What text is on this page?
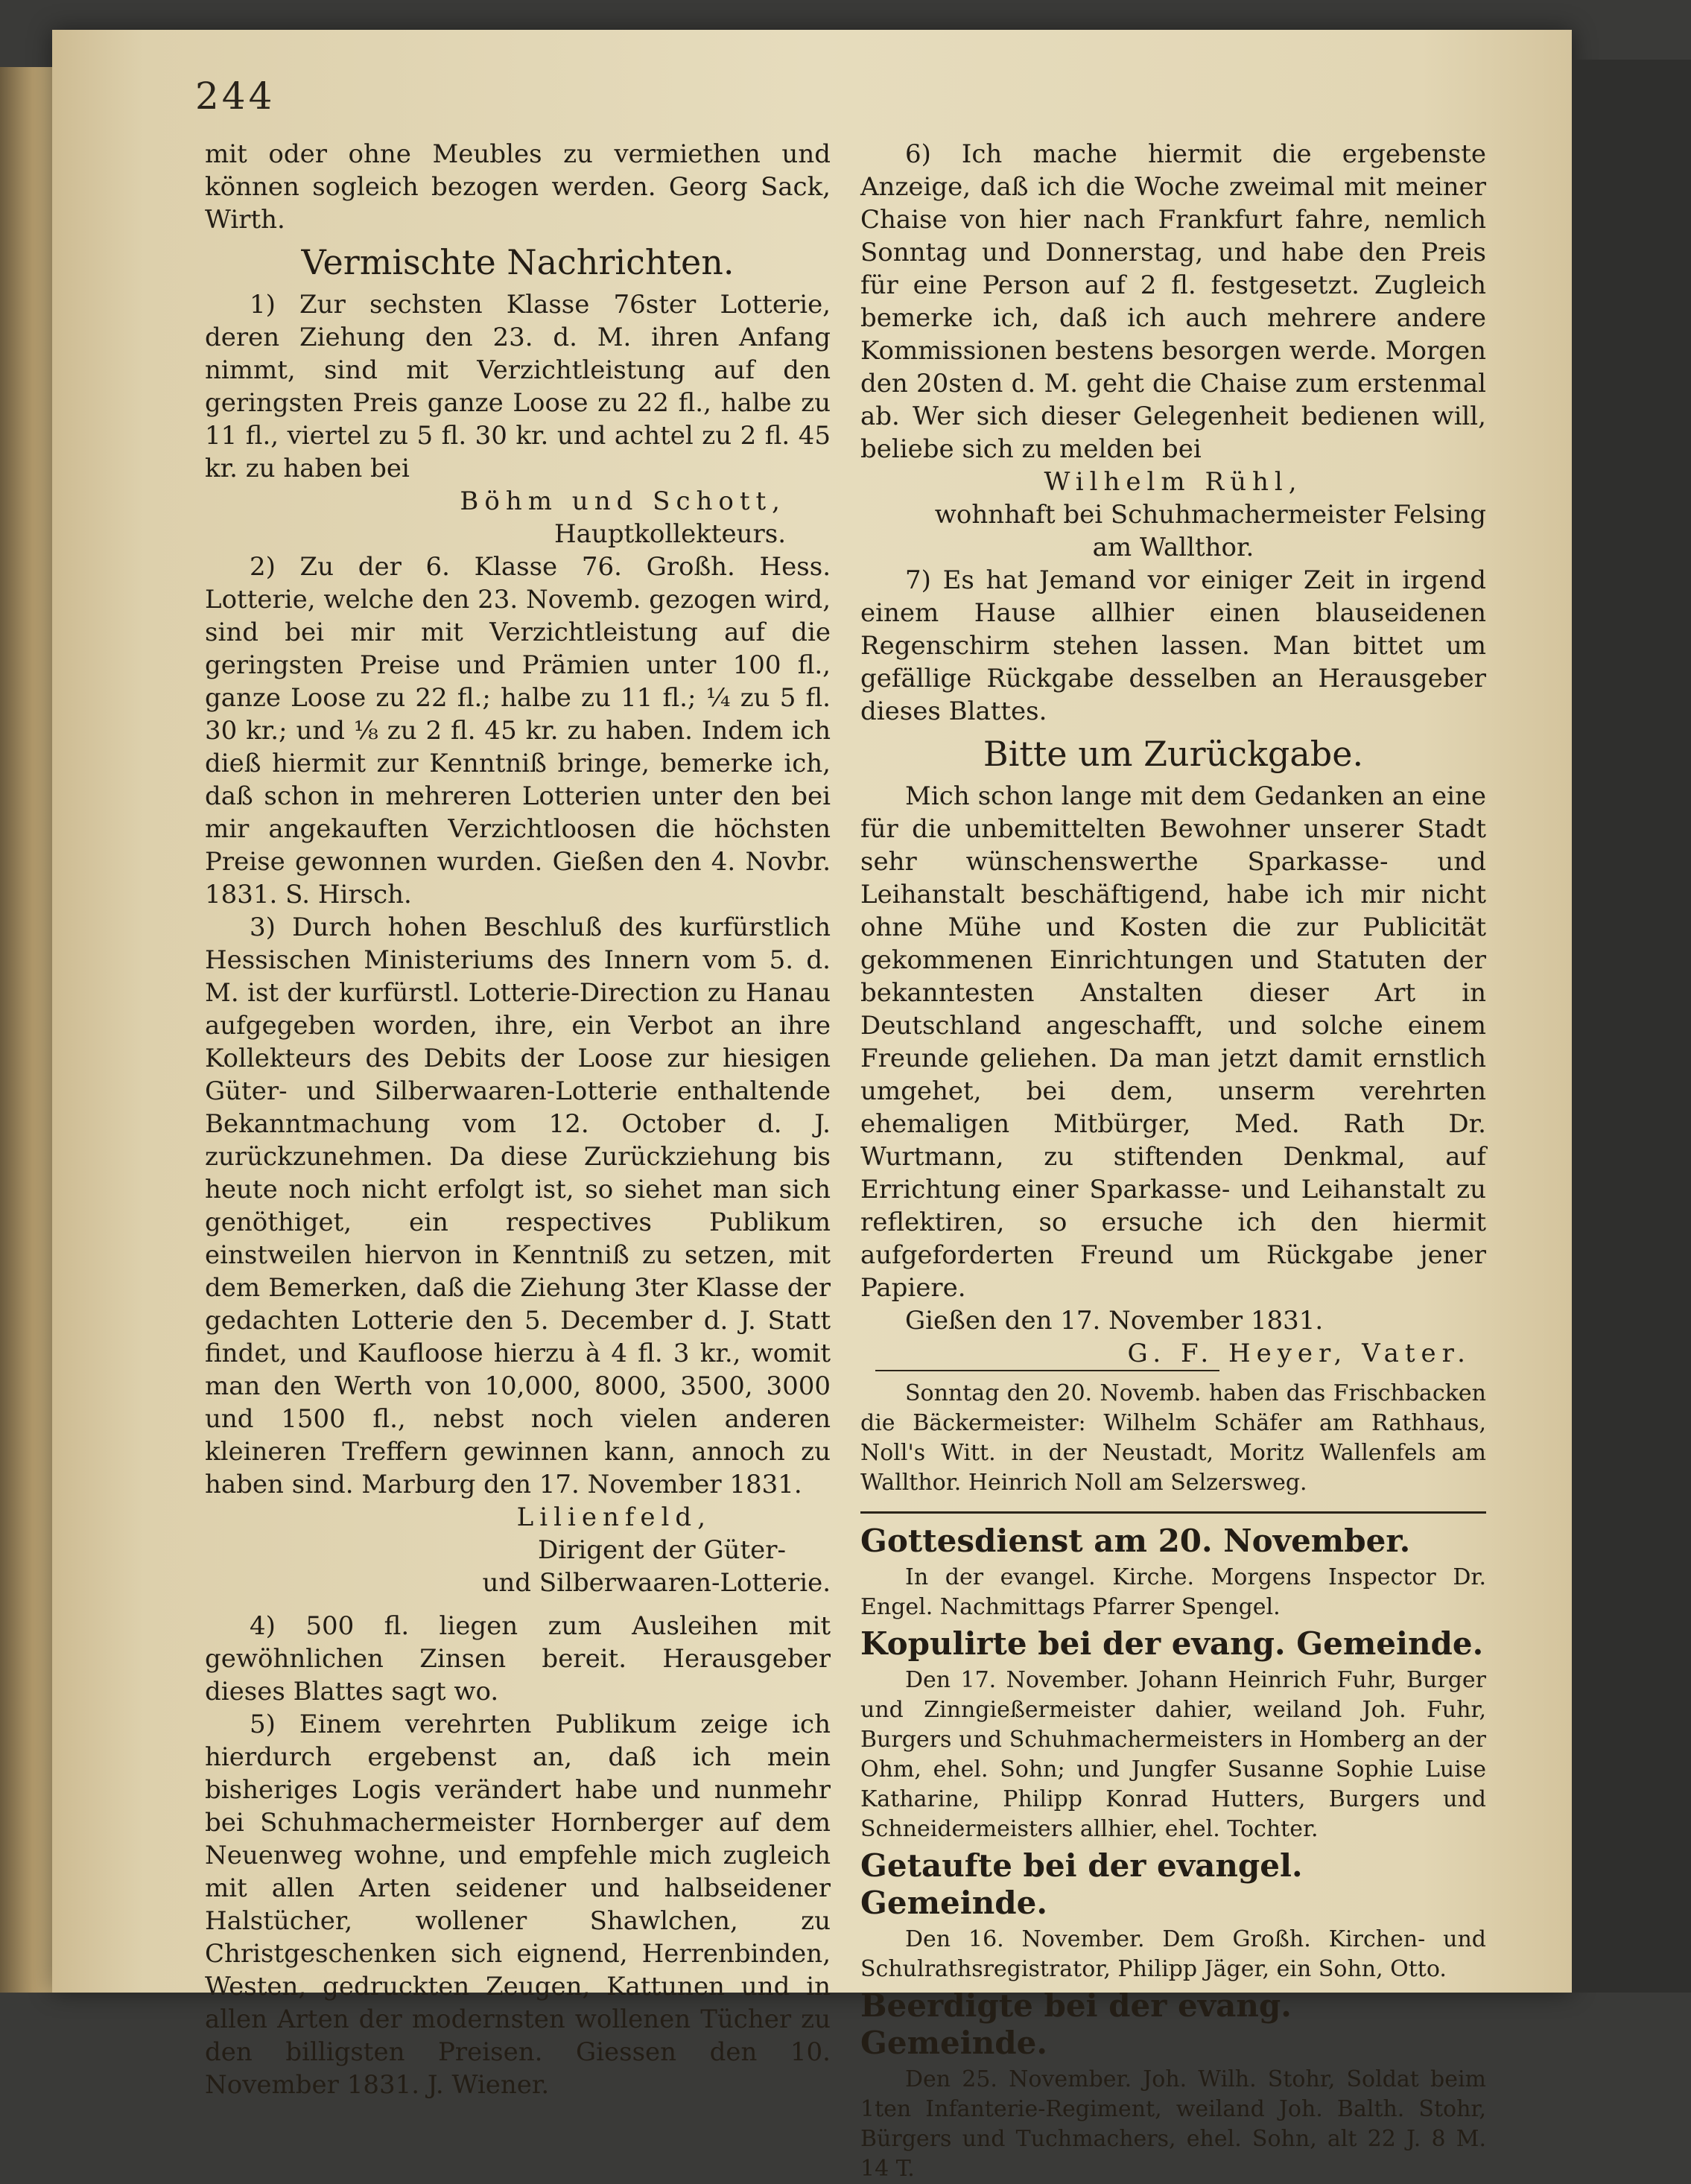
244

mit oder ohne Meubles zu vermiethen und können sogleich bezogen werden. Georg Sack, Wirth.

Vermischte Nachrichten.

1) Zur sechsten Klasse 76ster Lotterie, deren Ziehung den 23. d. M. ihren Anfang nimmt, sind mit Verzichtleistung auf den geringsten Preis ganze Loose zu 22 fl., halbe zu 11 fl., viertel zu 5 fl. 30 kr. und achtel zu 2 fl. 45 kr. zu haben bei

Böhm und Schott,

Hauptkollekteurs.

2) Zu der 6. Klasse 76. Großh. Hess. Lotterie, welche den 23. Novemb. gezogen wird, sind bei mir mit Verzichtleistung auf die geringsten Preise und Prämien unter 100 fl., ganze Loose zu 22 fl.; halbe zu 11 fl.; ¼ zu 5 fl. 30 kr.; und ⅛ zu 2 fl. 45 kr. zu haben. Indem ich dieß hiermit zur Kenntniß bringe, bemerke ich, daß schon in mehreren Lotterien unter den bei mir angekauften Verzichtloosen die höchsten Preise gewonnen wurden. Gießen den 4. Novbr. 1831. S. Hirsch.

3) Durch hohen Beschluß des kurfürstlich Hessischen Ministeriums des Innern vom 5. d. M. ist der kurfürstl. Lotterie-Direction zu Hanau aufgegeben worden, ihre, ein Verbot an ihre Kollekteurs des Debits der Loose zur hiesigen Güter- und Silberwaaren-Lotterie enthaltende Bekanntmachung vom 12. October d. J. zurückzunehmen. Da diese Zurückziehung bis heute noch nicht erfolgt ist, so siehet man sich genöthiget, ein respectives Publikum einstweilen hiervon in Kenntniß zu setzen, mit dem Bemerken, daß die Ziehung 3ter Klasse der gedachten Lotterie den 5. December d. J. Statt findet, und Kaufloose hierzu à 4 fl. 3 kr., womit man den Werth von 10,000, 8000, 3500, 3000 und 1500 fl., nebst noch vielen anderen kleineren Treffern gewinnen kann, annoch zu haben sind. Marburg den 17. November 1831.

Lilienfeld,

Dirigent der Güter-

und Silberwaaren-Lotterie.

4) 500 fl. liegen zum Ausleihen mit gewöhnlichen Zinsen bereit. Herausgeber dieses Blattes sagt wo.

5) Einem verehrten Publikum zeige ich hierdurch ergebenst an, daß ich mein bisheriges Logis verändert habe und nunmehr bei Schuhmachermeister Hornberger auf dem Neuenweg wohne, und empfehle mich zugleich mit allen Arten seidener und halbseidener Halstücher, wollener Shawlchen, zu Christgeschenken sich eignend, Herrenbinden, Westen, gedruckten Zeugen, Kattunen und in allen Arten der modernsten wollenen Tücher zu den billigsten Preisen. Giessen den 10. November 1831. J. Wiener.

6) Ich mache hiermit die ergebenste Anzeige, daß ich die Woche zweimal mit meiner Chaise von hier nach Frankfurt fahre, nemlich Sonntag und Donnerstag, und habe den Preis für eine Person auf 2 fl. festgesetzt. Zugleich bemerke ich, daß ich auch mehrere andere Kommissionen bestens besorgen werde. Morgen den 20sten d. M. geht die Chaise zum erstenmal ab. Wer sich dieser Gelegenheit bedienen will, beliebe sich zu melden bei

Wilhelm Rühl,

wohnhaft bei Schuhmachermeister Felsing

am Wallthor.

7) Es hat Jemand vor einiger Zeit in irgend einem Hause allhier einen blauseidenen Regenschirm stehen lassen. Man bittet um gefällige Rückgabe desselben an Herausgeber dieses Blattes.

Bitte um Zurückgabe.

Mich schon lange mit dem Gedanken an eine für die unbemittelten Bewohner unserer Stadt sehr wünschenswerthe Sparkasse- und Leihanstalt beschäftigend, habe ich mir nicht ohne Mühe und Kosten die zur Publicität gekommenen Einrichtungen und Statuten der bekanntesten Anstalten dieser Art in Deutschland angeschafft, und solche einem Freunde geliehen. Da man jetzt damit ernstlich umgehet, bei dem, unserm verehrten ehemaligen Mitbürger, Med. Rath Dr. Wurtmann, zu stiftenden Denkmal, auf Errichtung einer Sparkasse- und Leihanstalt zu reflektiren, so ersuche ich den hiermit aufgeforderten Freund um Rückgabe jener Papiere.

Gießen den 17. November 1831.

G. F. Heyer, Vater.

Sonntag den 20. Novemb. haben das Frischbacken die Bäckermeister: Wilhelm Schäfer am Rathhaus, Noll's Witt. in der Neustadt, Moritz Wallenfels am Wallthor. Heinrich Noll am Selzersweg.

Gottesdienst am 20. November.

In der evangel. Kirche. Morgens Inspector Dr. Engel. Nachmittags Pfarrer Spengel.

Kopulirte bei der evang. Gemeinde.

Den 17. November. Johann Heinrich Fuhr, Burger und Zinngießermeister dahier, weiland Joh. Fuhr, Burgers und Schuhmachermeisters in Homberg an der Ohm, ehel. Sohn; und Jungfer Susanne Sophie Luise Katharine, Philipp Konrad Hutters, Burgers und Schneidermeisters allhier, ehel. Tochter.

Getaufte bei der evangel. Gemeinde.

Den 16. November. Dem Großh. Kirchen- und Schulrathsregistrator, Philipp Jäger, ein Sohn, Otto.

Beerdigte bei der evang. Gemeinde.

Den 25. November. Joh. Wilh. Stohr, Soldat beim 1ten Infanterie-Regiment, weiland Joh. Balth. Stohr, Bürgers und Tuchmachers, ehel. Sohn, alt 22 J. 8 M. 14 T.
